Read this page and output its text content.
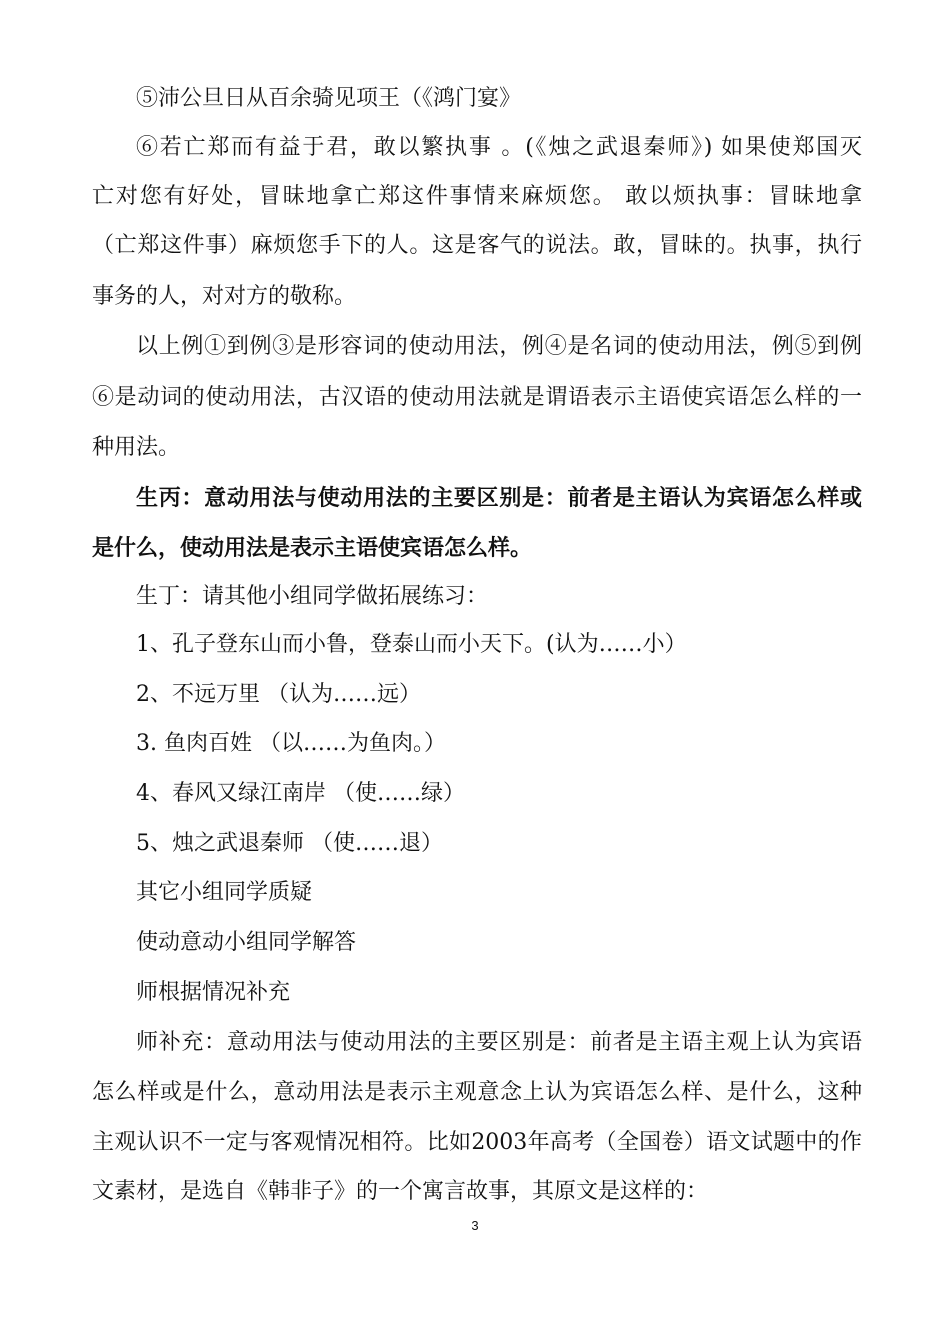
⑤沛公旦日从百余骑见项王（《鸿门宴》
⑥若亡郑而有益于君，敢以繁执事 。(《烛之武退秦师》) 如果使郑国灭
亡对您有好处，冒昧地拿亡郑这件事情来麻烦您。 敢以烦执事：冒昧地拿
（亡郑这件事）麻烦您手下的人。这是客气的说法。敢，冒昧的。执事，执行
事务的人，对对方的敬称。
以上例①到例③是形容词的使动用法，例④是名词的使动用法，例⑤到例
⑥是动词的使动用法，古汉语的使动用法就是谓语表示主语使宾语怎么样的一
种用法。
生丙：意动用法与使动用法的主要区别是：前者是主语认为宾语怎么样或
是什么，使动用法是表示主语使宾语怎么样。
生丁：请其他小组同学做拓展练习：
1、孔子登东山而小鲁，登泰山而小天下。(认为……小）
2、不远万里 （认为……远）
3. 鱼肉百姓 （以……为鱼肉。）
4、春风又绿江南岸 （使……绿）
5、烛之武退秦师 （使……退）
其它小组同学质疑
使动意动小组同学解答
师根据情况补充
师补充：意动用法与使动用法的主要区别是：前者是主语主观上认为宾语
怎么样或是什么，意动用法是表示主观意念上认为宾语怎么样、是什么，这种
主观认识不一定与客观情况相符。比如2003年高考（全国卷）语文试题中的作
文素材，是选自《韩非子》的一个寓言故事，其原文是这样的：
3
